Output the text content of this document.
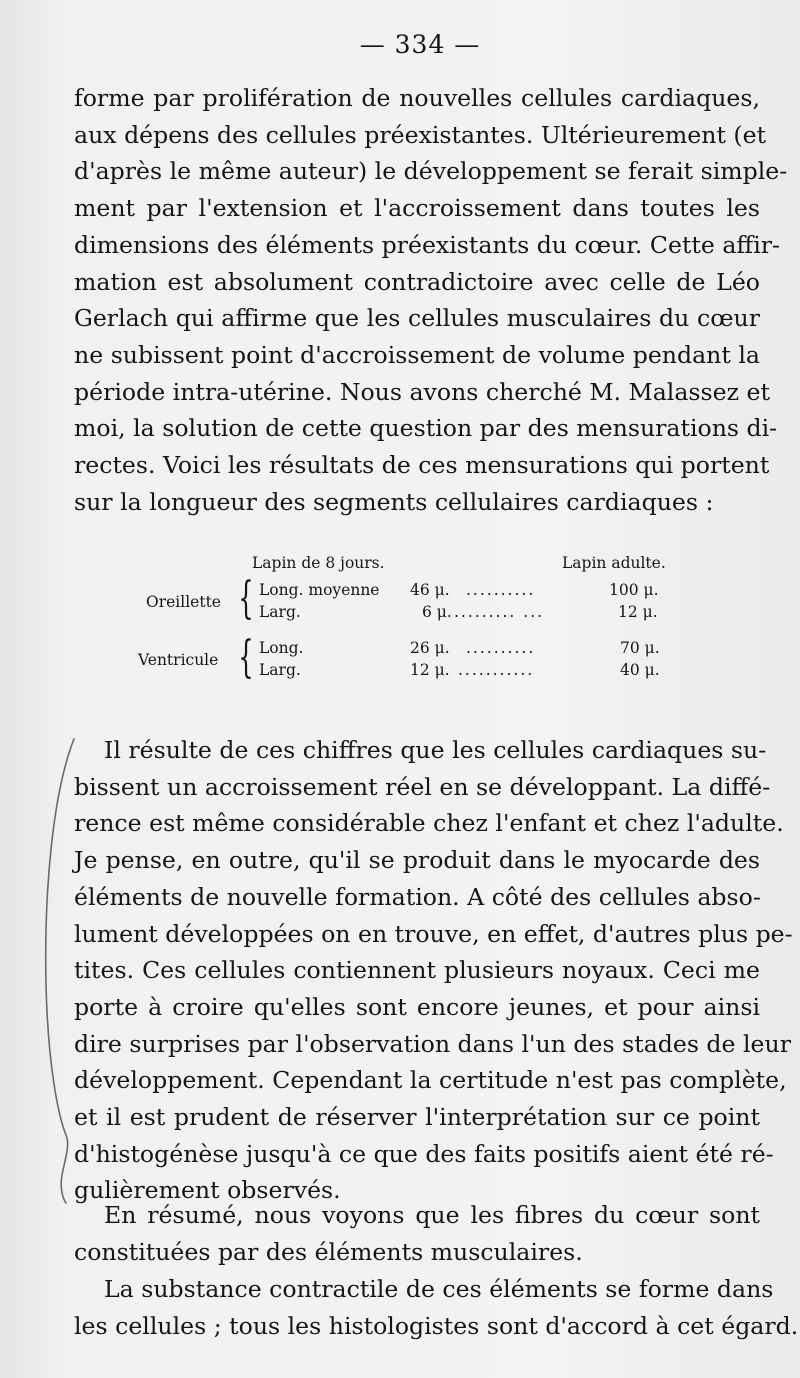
— 334 —
forme par prolifération de nouvelles cellules cardiaques,
aux dépens des cellules préexistantes. Ultérieurement (et
d'après le même auteur) le développement se ferait simple-
ment par l'extension et l'accroissement dans toutes les
dimensions des éléments préexistants du cœur. Cette affir-
mation est absolument contradictoire avec celle de Léo
Gerlach qui affirme que les cellules musculaires du cœur
ne subissent point d'accroissement de volume pendant la
période intra-utérine. Nous avons cherché M. Malassez et
moi, la solution de cette question par des mensurations di-
rectes. Voici les résultats de ces mensurations qui portent
sur la longueur des segments cellulaires cardiaques :
Lapin de 8 jours.	Lapin adulte.
Oreillette { Long. moyenne 46 μ. ..........	100 μ.
Larg.	6 μ. ......... ...	12 μ.
Ventricule { Long.	26 μ. ..........	70 μ.
Larg.	12 μ. ...........	40 μ.
Il résulte de ces chiffres que les cellules cardiaques su-
bissent un accroissement réel en se développant. La diffé-
rence est même considérable chez l'enfant et chez l'adulte.
Je pense, en outre, qu'il se produit dans le myocarde des
éléments de nouvelle formation. A côté des cellules abso-
lument développées on en trouve, en effet, d'autres plus pe-
tites. Ces cellules contiennent plusieurs noyaux. Ceci me
porte à croire qu'elles sont encore jeunes, et pour ainsi
dire surprises par l'observation dans l'un des stades de leur
développement. Cependant la certitude n'est pas complète,
et il est prudent de réserver l'interprétation sur ce point
d'histogénèse jusqu'à ce que des faits positifs aient été ré-
gulièrement observés.
En résumé, nous voyons que les fibres du cœur sont
constituées par des éléments musculaires.
La substance contractile de ces éléments se forme dans
les cellules ; tous les histologistes sont d'accord à cet égard.
